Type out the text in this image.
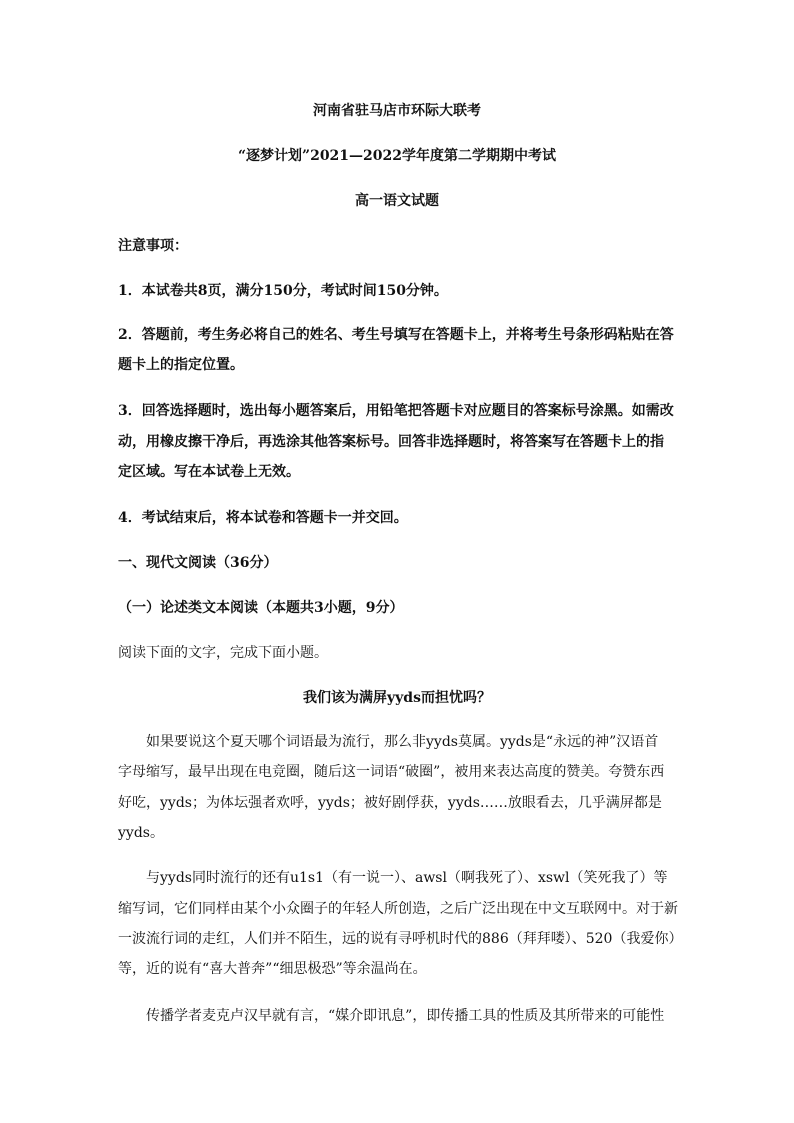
河南省驻马店市环际大联考
“逐梦计划”2021—2022学年度第二学期期中考试
高一语文试题
注意事项：
1．本试卷共8页，满分150分，考试时间150分钟。
2．答题前，考生务必将自己的姓名、考生号填写在答题卡上，并将考生号条形码粘贴在答
题卡上的指定位置。
3．回答选择题时，选出每小题答案后，用铅笔把答题卡对应题目的答案标号涂黑。如需改
动，用橡皮擦干净后，再选涂其他答案标号。回答非选择题时，将答案写在答题卡上的指
定区域。写在本试卷上无效。
4．考试结束后，将本试卷和答题卡一并交回。
一、现代文阅读（36分）
（一）论述类文本阅读（本题共3小题，9分）
阅读下面的文字，完成下面小题。
我们该为满屏yyds而担忧吗？
如果要说这个夏天哪个词语最为流行，那么非yyds莫属。yyds是“永远的神”汉语首
字母缩写，最早出现在电竞圈，随后这一词语“破圈”，被用来表达高度的赞美。夸赞东西
好吃，yyds；为体坛强者欢呼，yyds；被好剧俘获，yyds……放眼看去，几乎满屏都是
yyds。
与yyds同时流行的还有u1s1（有一说一）、awsl（啊我死了）、xswl（笑死我了）等
缩写词，它们同样由某个小众圈子的年轻人所创造，之后广泛出现在中文互联网中。对于新
一波流行词的走红，人们并不陌生，远的说有寻呼机时代的886（拜拜喽）、520（我爱你）
等，近的说有“喜大普奔”“细思极恐”等余温尚在。
传播学者麦克卢汉早就有言，“媒介即讯息”，即传播工具的性质及其所带来的可能性
